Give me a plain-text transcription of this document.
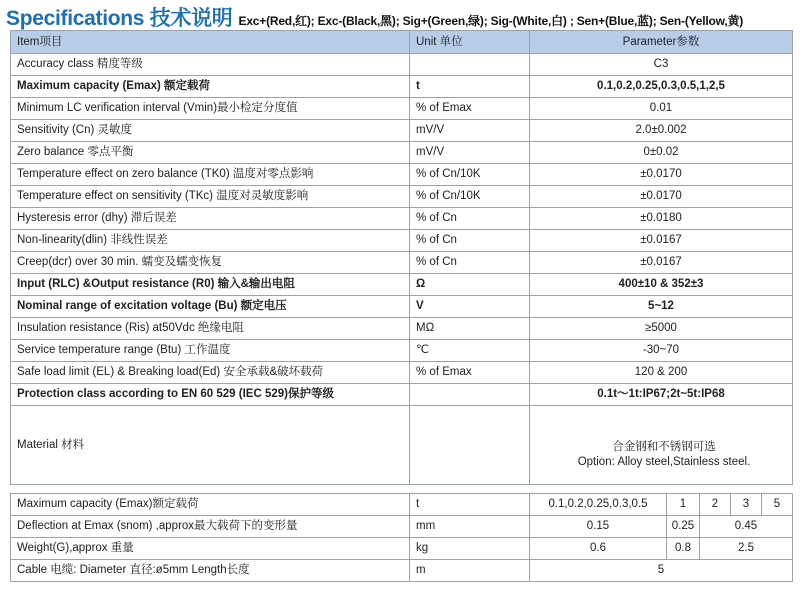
Specifications 技术说明 Exc+(Red,红); Exc-(Black,黑); Sig+(Green,绿); Sig-(White,白) ; Sen+(Blue,蓝); Sen-(Yellow,黄)
Item项目	Unit 单位	Parameter参数
Accuracy class 精度等级		C3
Maximum capacity (Emax) 额定载荷	t	0.1,0.2,0.25,0.3,0.5,1,2,5
Minimum LC verification interval (Vmin)最小检定分度值	% of Emax	0.01
Sensitivity (Cn) 灵敏度	mV/V	2.0±0.002
Zero balance 零点平衡	mV/V	0±0.02
Temperature effect on zero balance (TK0) 温度对零点影响	% of Cn/10K	±0.0170
Temperature effect on sensitivity (TKc) 温度对灵敏度影响	% of Cn/10K	±0.0170
Hysteresis error (dhy) 滞后误差	% of Cn	±0.0180
Non-linearity(dlin) 非线性误差	% of Cn	±0.0167
Creep(dcr) over 30 min. 蠕变及蠕变恢复	% of Cn	±0.0167
Input (RLC) &Output resistance (R0) 输入&输出电阻	Ω	400±10 & 352±3
Nominal range of excitation voltage (Bu) 额定电压	V	5~12
Insulation resistance (Ris) at50Vdc 绝缘电阻	MΩ	≥5000
Service temperature range (Btu) 工作温度	℃	-30~70
Safe load limit (EL) & Breaking load(Ed) 安全承载&破坏载荷	% of Emax	120 & 200
Protection class according to EN 60 529 (IEC 529)保护等级		0.1t～1t:IP67;2t~5t:IP68
Material 材料		合金钢和不锈钢可选
Option: Alloy steel,Stainless steel.
Maximum capacity (Emax)额定载荷	t	0.1,0.2,0.25,0.3,0.5	1	2	3	5
Deflection at Emax (snom) ,approx最大载荷下的变形量	mm	0.15	0.25	0.45		
Weight(G),approx 重量	kg	0.6	0.8	2.5		
Cable 电缆: Diameter 直径:ø5mm Length长度	m	5				
